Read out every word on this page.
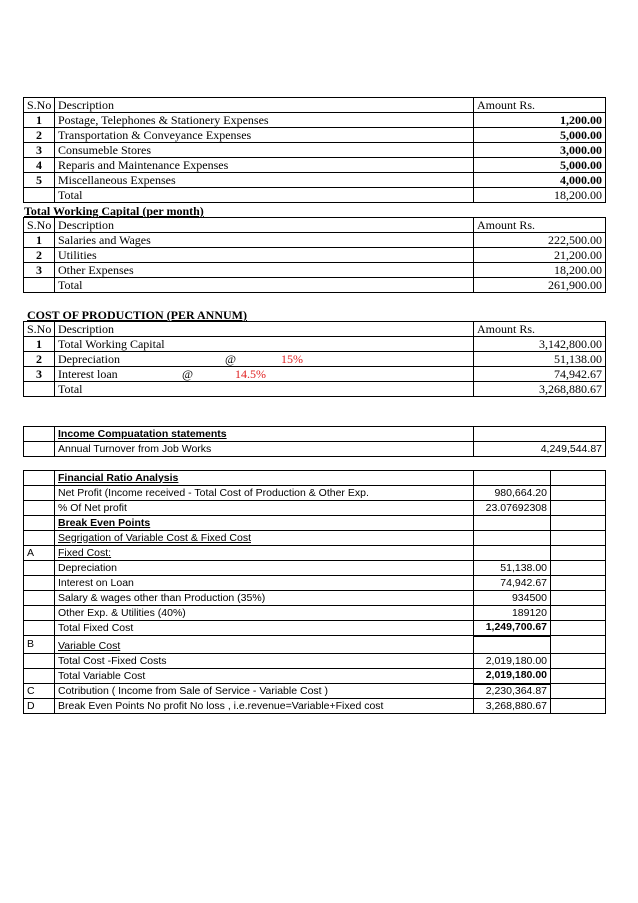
S.No	Description	Amount Rs.
1	Postage, Telephones & Stationery Expenses	1,200.00
2	Transportation & Conveyance Expenses	5,000.00
3	Consumeble Stores	3,000.00
4	Reparis and Maintenance Expenses	5,000.00
5	Miscellaneous Expenses	4,000.00
	Total	18,200.00
Total Working Capital (per month)
S.No	Description	Amount Rs.
1	Salaries and Wages	222,500.00
2	Utilities	21,200.00
3	Other Expenses	18,200.00
	Total	261,900.00
COST OF PRODUCTION (PER ANNUM)
S.No	Description	Amount Rs.
1	Total Working Capital	3,142,800.00
2	Depreciation @ 15%	51,138.00
3	Interest loan @ 14.5%	74,942.67
	Total	3,268,880.67
	Income Compuatation statements	
	Annual Turnover from Job Works	4,249,544.87
	Financial Ratio Analysis		
	Net Profit (Income received - Total Cost of Production & Other Exp.	980,664.20	
	% Of Net profit	23.07692308	
	Break Even Points		
	Segrigation of Variable Cost & Fixed Cost		
A	Fixed Cost:		
	Depreciation	51,138.00	
	Interest on Loan	74,942.67	
	Salary & wages other than Production (35%)	934500	
	Other Exp. & Utilities (40%)	189120	
	Total Fixed Cost	1,249,700.67	
B	Variable Cost		
	Total Cost -Fixed Costs	2,019,180.00	
	Total Variable Cost	2,019,180.00	
C	Cotribution ( Income from Sale of Service - Variable Cost )	2,230,364.87	
D	Break Even Points No profit No loss , i.e.revenue=Variable+Fixed cost	3,268,880.67	
